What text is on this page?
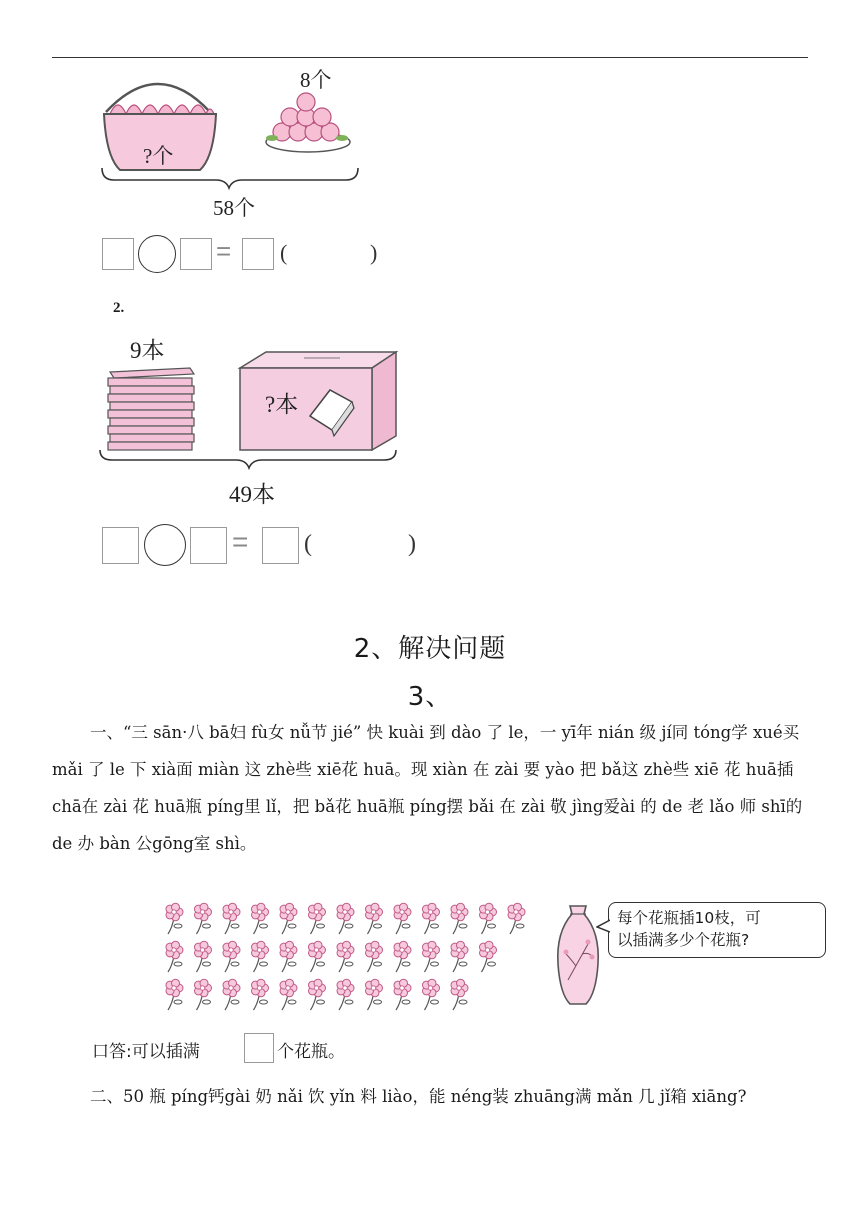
8个
?个
58个
= (	)
2.
9本
?本
49本
= (	)
2、解决问题
3、
一、“三 sān·八 bā妇 fù女 nǚ节 jié” 快 kuài 到 dào 了 le，一 yī年 nián 级 jí同 tóng学 xué买 mǎi 了 le 下 xià面 miàn 这 zhè些 xiē花 huā。现 xiàn 在 zài 要 yào 把 bǎ这 zhè些 xiē 花 huā插 chā在 zài 花 huā瓶 píng里 lǐ，把 bǎ花 huā瓶 píng摆 bǎi 在 zài 敬 jìng爱ài 的 de 老 lǎo 师 shī的 de 办 bàn 公gōng室 shì。
每个花瓶插10枝，可
以插满多少个花瓶?
口答:可以插满	个花瓶。
二、50 瓶 píng钙gài 奶 nǎi 饮 yǐn 料 liào，能 néng装 zhuāng满 mǎn 几 jǐ箱 xiāng?
